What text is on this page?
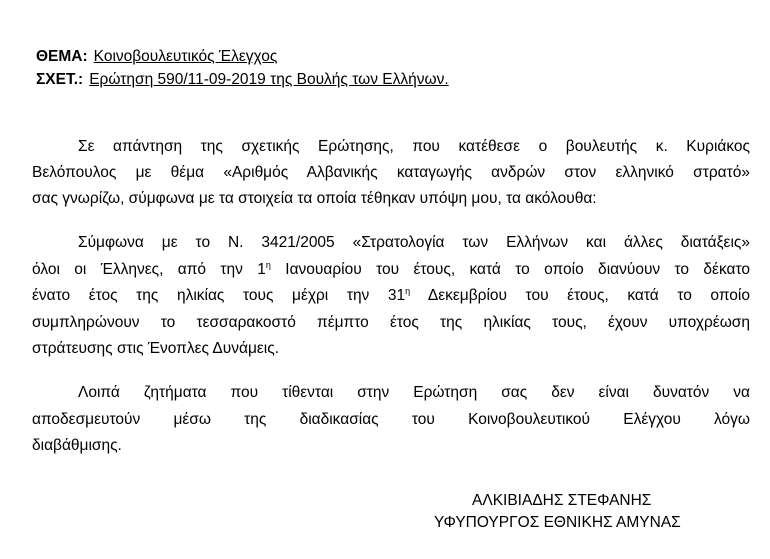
ΘΕΜΑ: Κοινοβουλευτικός Έλεγχος
ΣΧΕΤ.: Ερώτηση 590/11-09-2019 της Βουλής των Ελλήνων.
Σε απάντηση της σχετικής Ερώτησης, που κατέθεσε ο βουλευτής κ. Κυριάκος
Βελόπουλος με θέμα «Αριθμός Αλβανικής καταγωγής ανδρών στον ελληνικό στρατό»
σας γνωρίζω, σύμφωνα με τα στοιχεία τα οποία τέθηκαν υπόψη μου, τα ακόλουθα:
Σύμφωνα με το Ν. 3421/2005 «Στρατολογία των Ελλήνων και άλλες διατάξεις»
όλοι οι Έλληνες, από την $1^\eta$ Ιανουαρίου του έτους, κατά το οποίο διανύουν το δέκατο
ένατο έτος της ηλικίας τους μέχρι την $31^\eta$ Δεκεμβρίου του έτους, κατά το οποίο
συμπληρώνουν το τεσσαρακοστό πέμπτο έτος της ηλικίας τους, έχουν υποχρέωση
στράτευσης στις Ένοπλες Δυνάμεις.
Λοιπά ζητήματα που τίθενται στην Ερώτηση σας δεν είναι δυνατόν να
αποδεσμευτούν μέσω της διαδικασίας του Κοινοβουλευτικού Ελέγχου λόγω
διαβάθμισης.
ΑΛΚΙΒΙΑΔΗΣ ΣΤΕΦΑΝΗΣ
ΥΦΥΠΟΥΡΓΟΣ ΕΘΝΙΚΗΣ ΑΜΥΝΑΣ
